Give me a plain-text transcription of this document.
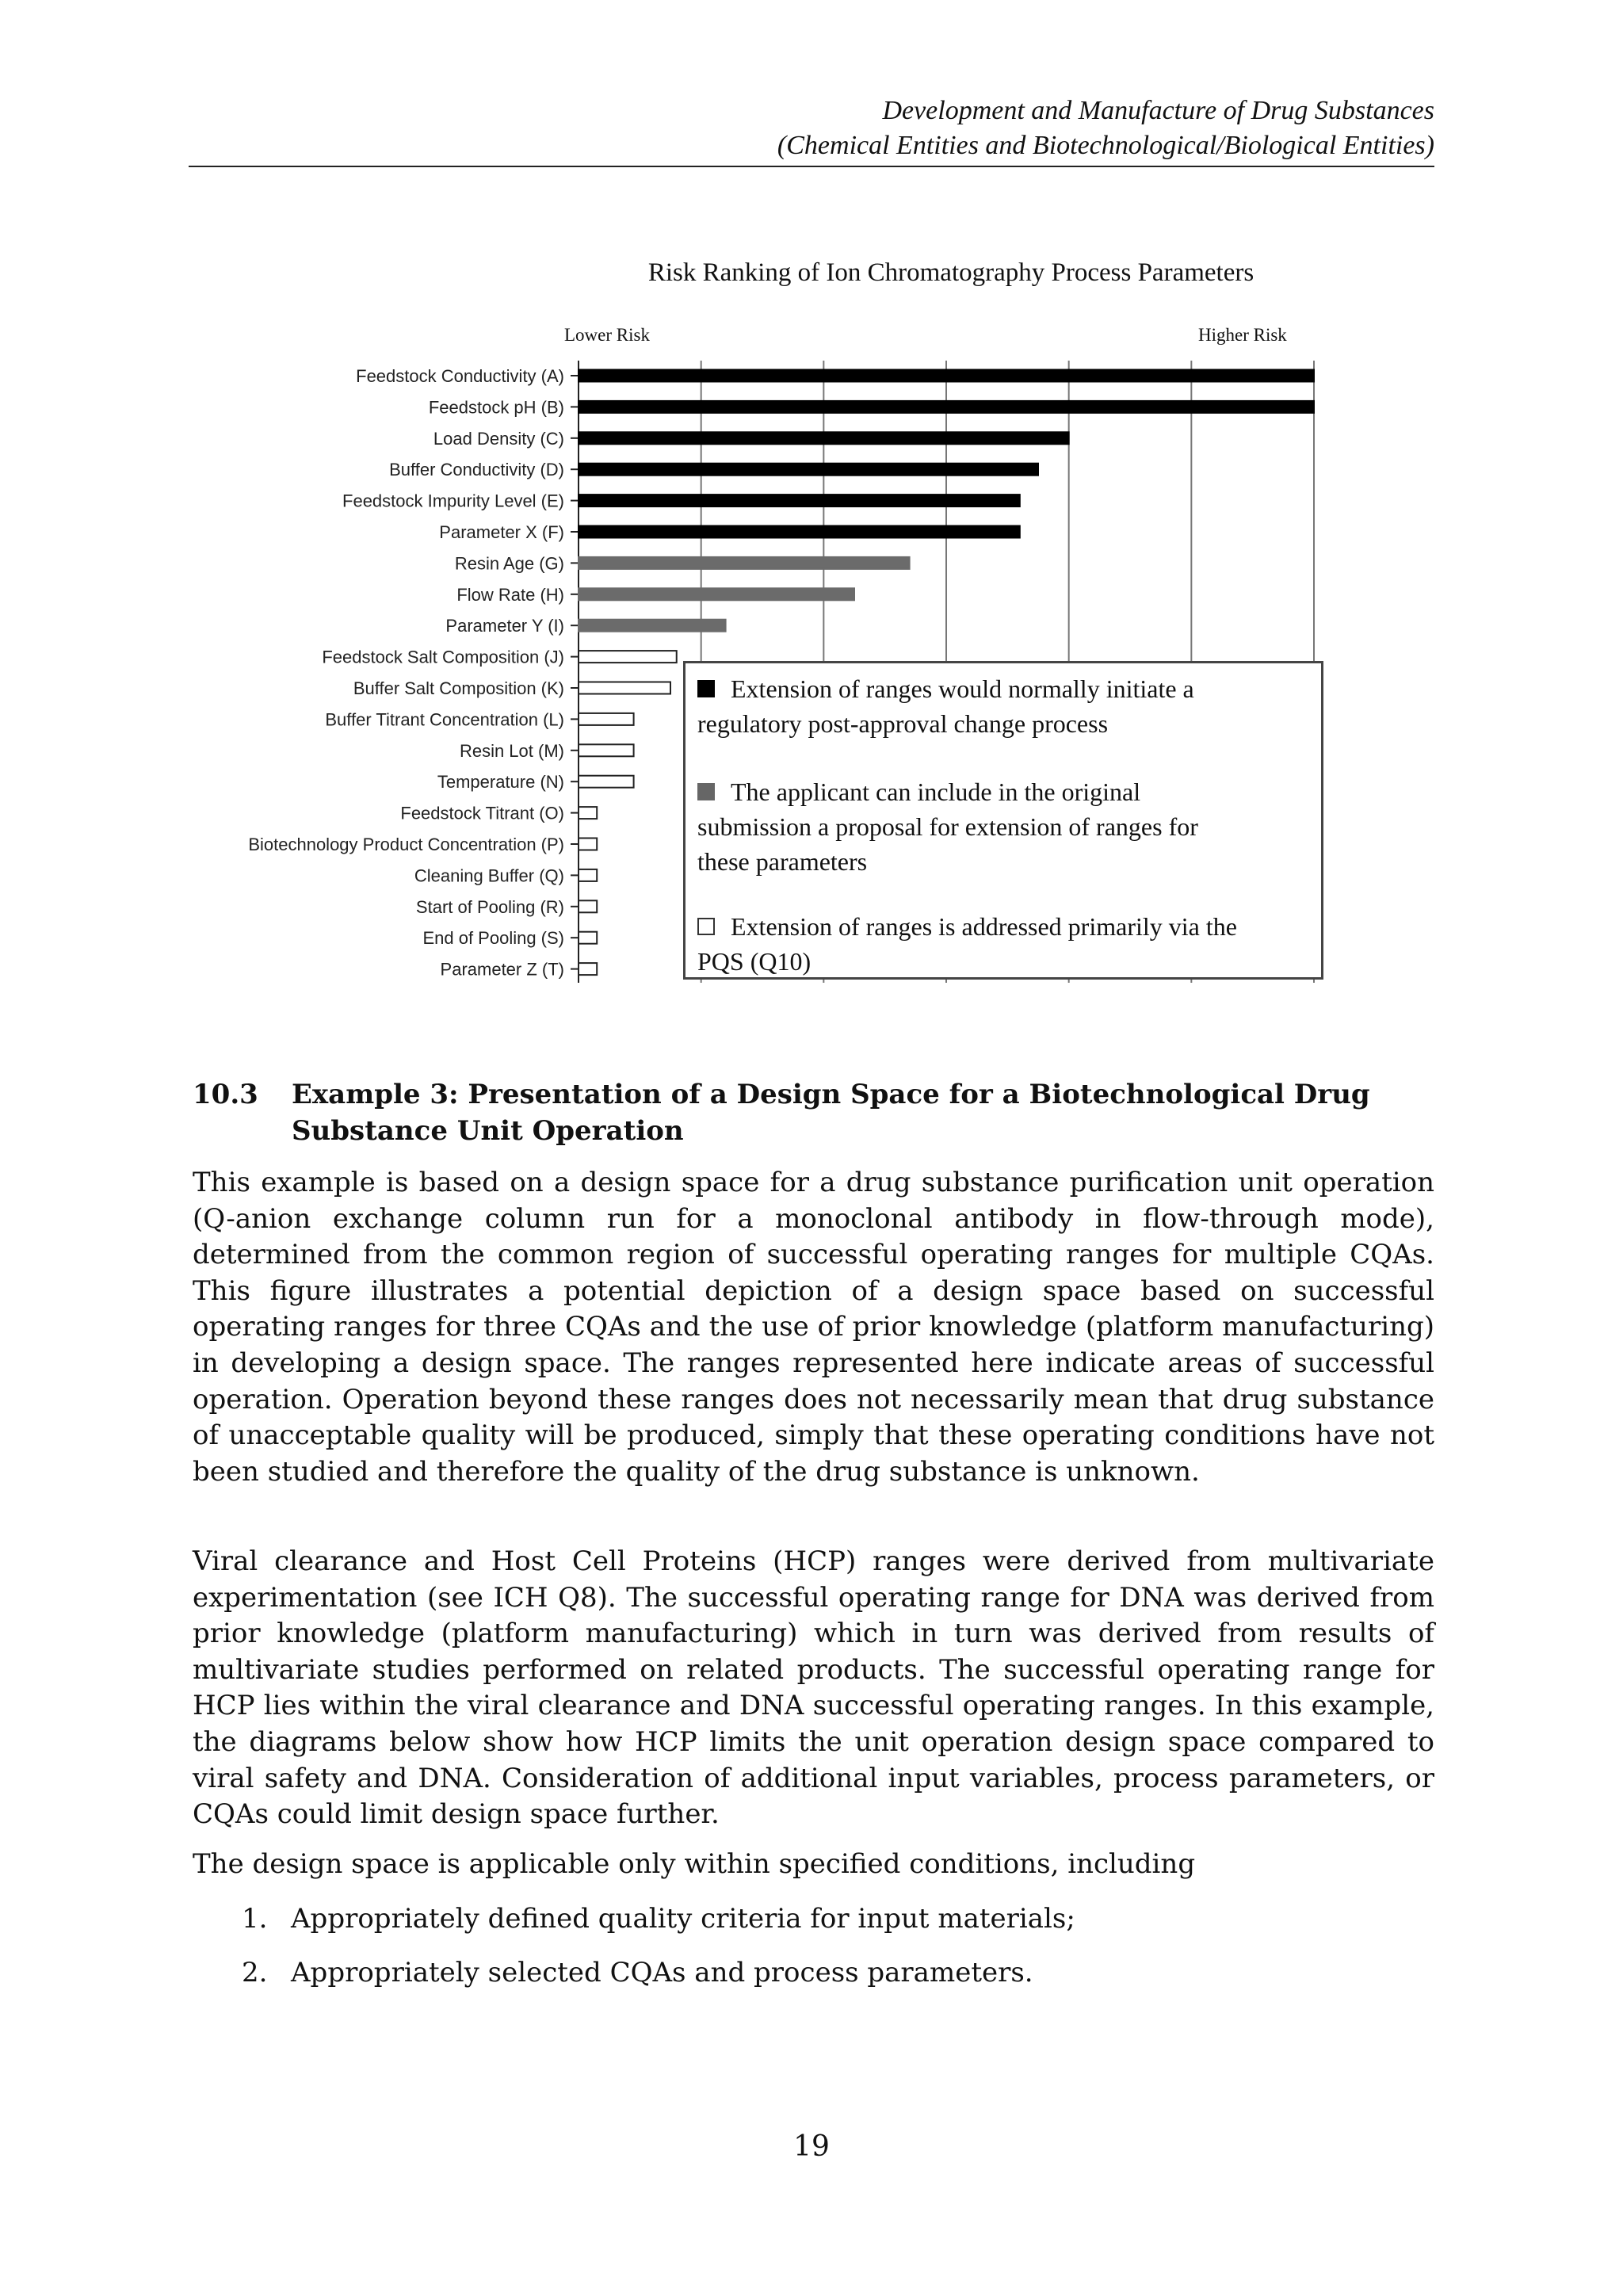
Development and Manufacture of Drug Substances
(Chemical Entities and Biotechnological/Biological Entities)
Risk Ranking of Ion Chromatography Process Parameters
Lower Risk	Higher Risk
Feedstock Conductivity (A)
Feedstock pH (B)
Load Density (C)
Buffer Conductivity (D)
Feedstock Impurity Level (E)
Parameter X (F)
Resin Age (G)
Flow Rate (H)
Parameter Y (I)
Feedstock Salt Composition (J)
Buffer Salt Composition (K)
Buffer Titrant Concentration (L)
Resin Lot (M)
Temperature (N)
Feedstock Titrant (O)
Biotechnology Product Concentration (P)
Cleaning Buffer (Q)
Start of Pooling (R)
End of Pooling (S)
Parameter Z (T)
Extension of ranges would normally initiate a
regulatory post-approval change process
The applicant can include in the original
submission a proposal for extension of ranges for
these parameters
Extension of ranges is addressed primarily via the
PQS (Q10)
10.3 Example 3: Presentation of a Design Space for a Biotechnological Drug Substance Unit Operation

This example is based on a design space for a drug substance purification unit operation (Q-anion exchange column run for a monoclonal antibody in flow-through mode), determined from the common region of successful operating ranges for multiple CQAs. This figure illustrates a potential depiction of a design space based on successful operating ranges for three CQAs and the use of prior knowledge (platform manufacturing) in developing a design space. The ranges represented here indicate areas of successful operation. Operation beyond these ranges does not necessarily mean that drug substance of unacceptable quality will be produced, simply that these operating conditions have not been studied and therefore the quality of the drug substance is unknown.

Viral clearance and Host Cell Proteins (HCP) ranges were derived from multivariate experimentation (see ICH Q8). The successful operating range for DNA was derived from prior knowledge (platform manufacturing) which in turn was derived from results of multivariate studies performed on related products. The successful operating range for HCP lies within the viral clearance and DNA successful operating ranges. In this example, the diagrams below show how HCP limits the unit operation design space compared to viral safety and DNA. Consideration of additional input variables, process parameters, or CQAs could limit design space further.

The design space is applicable only within specified conditions, including

1. Appropriately defined quality criteria for input materials;
2. Appropriately selected CQAs and process parameters.
19
